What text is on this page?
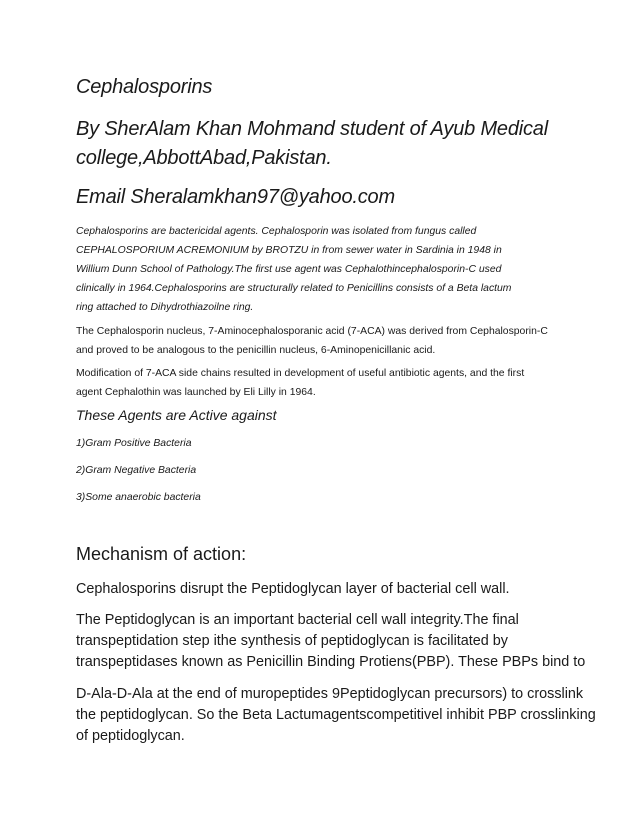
Cephalosporins

By SherAlam Khan Mohmand student of Ayub Medical

college,AbbottAbad,Pakistan.

Email Sheralamkhan97@yahoo.com

Cephalosporins are bactericidal agents. Cephalosporin was isolated from fungus called

CEPHALOSPORIUM ACREMONIUM by BROTZU in from sewer water in Sardinia in 1948 in

Willium Dunn School of Pathology.The first use agent was Cephalothincephalosporin-C used

clinically in 1964.Cephalosporins are structurally related to Penicillins consists of a Beta lactum

ring attached to Dihydrothiazoilne ring.

The Cephalosporin nucleus, 7-Aminocephalosporanic acid (7-ACA) was derived from Cephalosporin-C

and proved to be analogous to the penicillin nucleus, 6-Aminopenicillanic acid.

Modification of 7-ACA side chains resulted in development of useful antibiotic agents, and the first

agent Cephalothin was launched by Eli Lilly in 1964.

These Agents are Active against

1)Gram Positive Bacteria

2)Gram Negative Bacteria

3)Some anaerobic bacteria

Mechanism of action:

Cephalosporins disrupt the Peptidoglycan layer of bacterial cell wall.

The Peptidoglycan is an important bacterial cell wall integrity.The final

transpeptidation step ithe synthesis of peptidoglycan is facilitated by

transpeptidases known as Penicillin Binding Protiens(PBP). These PBPs bind to

D-Ala-D-Ala at the end of muropeptides 9Peptidoglycan precursors) to crosslink

the peptidoglycan. So the Beta Lactumagentscompetitivel inhibit PBP crosslinking

of peptidoglycan.
